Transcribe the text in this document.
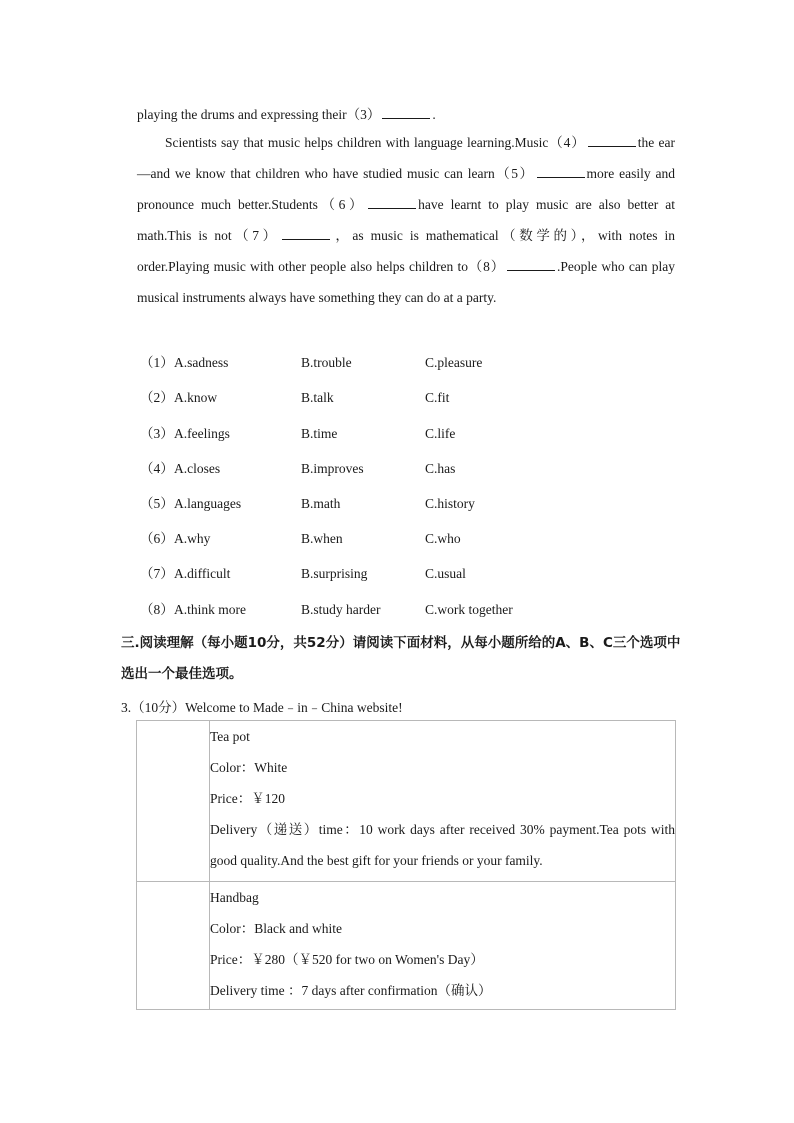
playing the drums and expressing their（3）	.
Scientists say that music helps children with language learning.Music（4）	the ear—and we know that children who have studied music can learn（5）	more easily and pronounce much better.Students（6）	have learnt to play music are also better at math.This is not（7）	，as music is mathematical（数学的），with notes in order.Playing music with other people also helps children to（8）	.People who can play musical instruments always have something they can do at a party.
（1） A.sadness	B.trouble	C.pleasure
（2） A.know	B.talk	C.fit
（3） A.feelings	B.time	C.life
（4） A.closes	B.improves	C.has
（5） A.languages	B.math	C.history
（6） A.why	B.when	C.who
（7） A.difficult	B.surprising	C.usual
（8） A.think more	B.study harder	C.work together
三.阅读理解（每小题10分，共52分）请阅读下面材料，从每小题所给的A、B、C三个选项中选出一个最佳选项。
3.（10分）Welcome to Made﹣in﹣China website!

	Tea pot
Color：White
Price：￥120
Delivery（递送）time：10 work days after received 30% payment.Tea pots with good quality.And the best gift for your friends or your family.

	Handbag
Color：Black and white
Price：￥280（￥520 for two on Women's Day）
Delivery time ：7 days after confirmation（确认）
